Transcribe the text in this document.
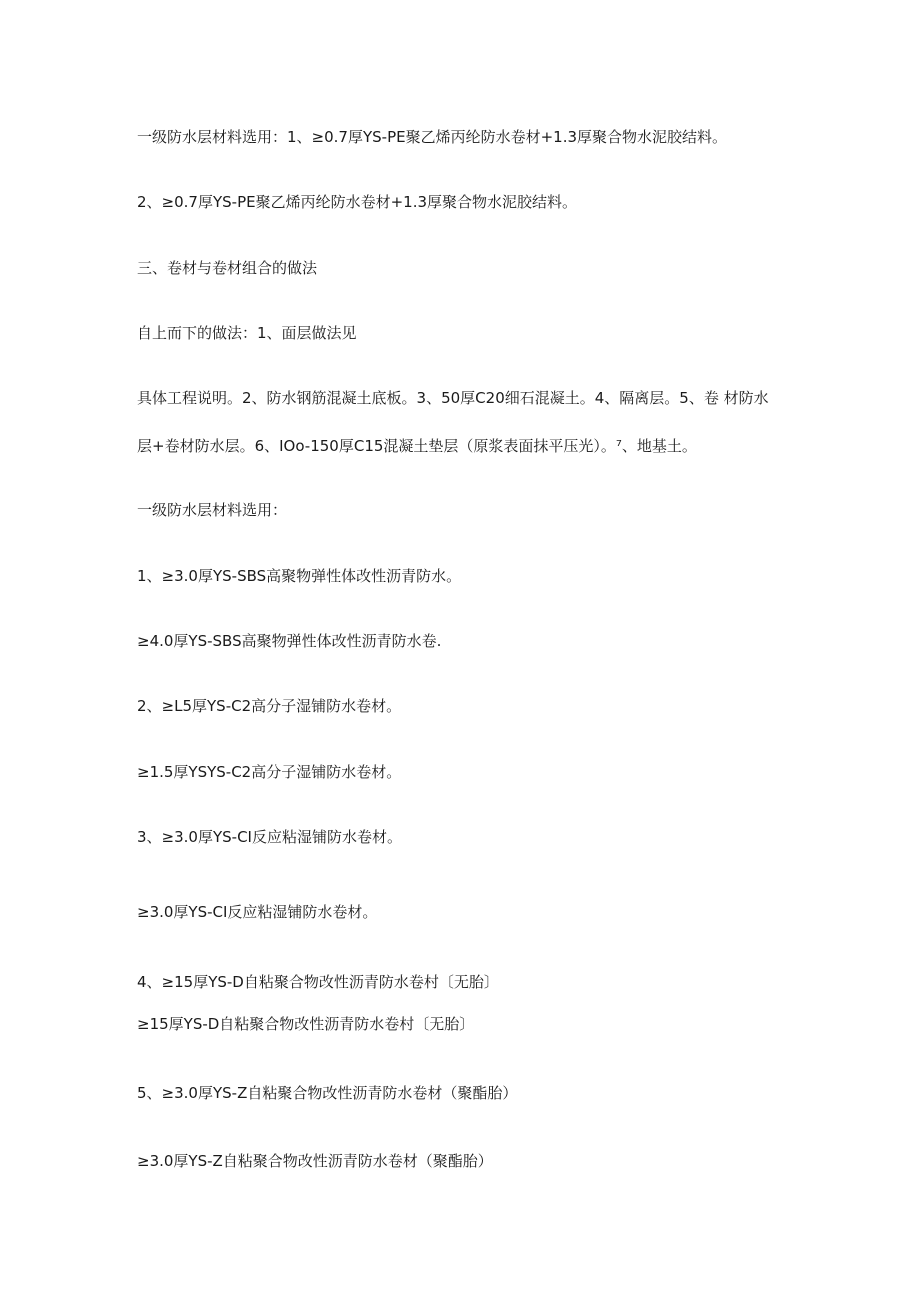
一级防水层材料选用：1、≥0.7厚YS-PE聚乙烯丙纶防水卷材+1.3厚聚合物水泥胶结料。
2、≥0.7厚YS-PE聚乙烯丙纶防水卷材+1.3厚聚合物水泥胶结料。
三、卷材与卷材组合的做法
自上而下的做法：1、面层做法见
具体工程说明。2、防水钢筋混凝土底板。3、50厚C20细石混凝土。4、隔离层。5、卷 材防水
层+卷材防水层。6、IOo-150厚C15混凝土垫层（原浆表面抹平压光）。⁷、地基土。
一级防水层材料选用：
1、≥3.0厚YS-SBS高聚物弹性体改性沥青防水。
≥4.0厚YS-SBS高聚物弹性体改性沥青防水卷.
2、≥L5厚YS-C2高分子湿铺防水卷材。
≥1.5厚YSYS-C2高分子湿铺防水卷材。
3、≥3.0厚YS-CI反应粘湿铺防水卷材。
≥3.0厚YS-CI反应粘湿铺防水卷材。
4、≥15厚YS-D自粘聚合物改性沥青防水卷村〔无胎〕
≥15厚YS-D自粘聚合物改性沥青防水卷村〔无胎〕
5、≥3.0厚YS-Z自粘聚合物改性沥青防水卷材（聚酯胎）
≥3.0厚YS-Z自粘聚合物改性沥青防水卷材（聚酯胎）
